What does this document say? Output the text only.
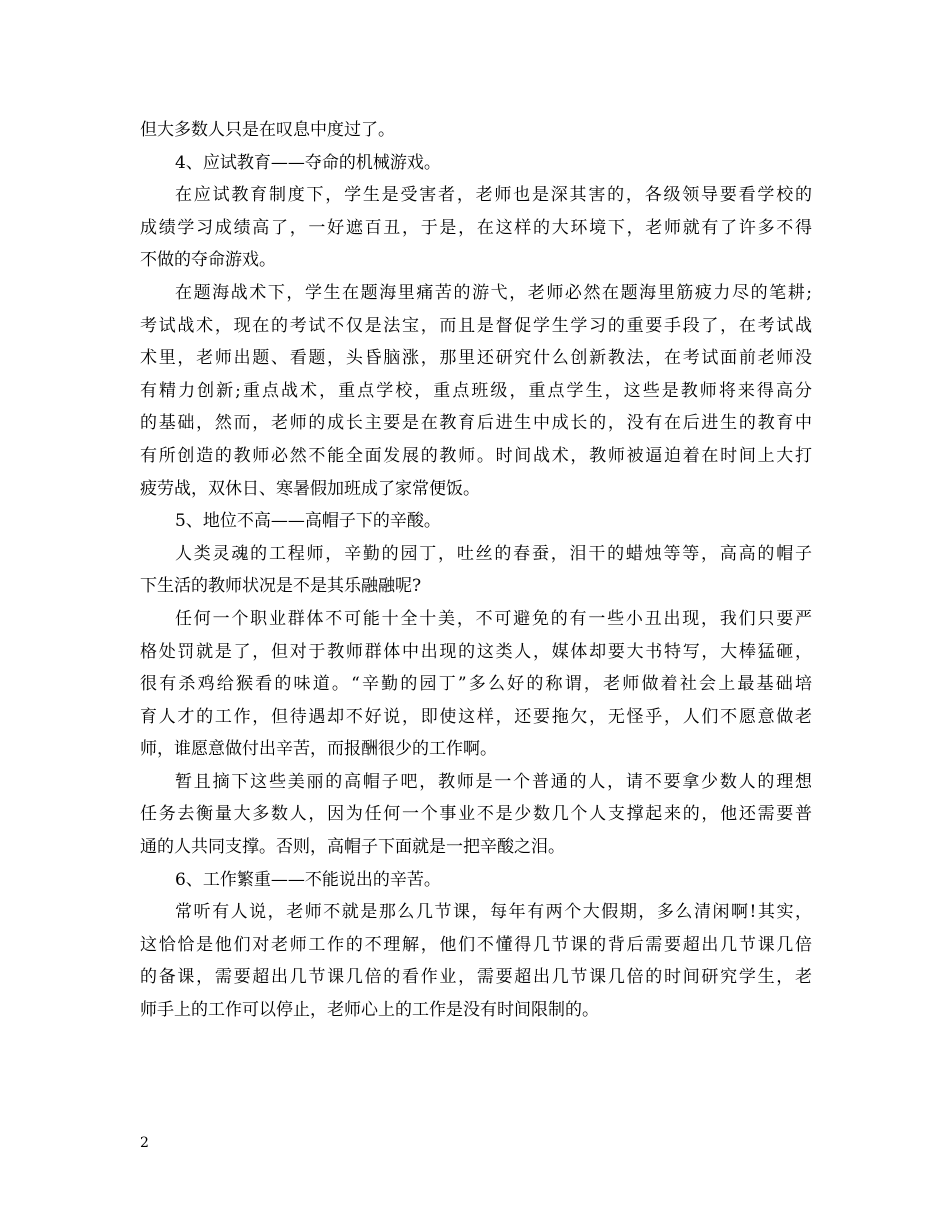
但大多数人只是在叹息中度过了。
4、应试教育——夺命的机械游戏。
在应试教育制度下，学生是受害者，老师也是深其害的，各级领导要看学校的
成绩学习成绩高了，一好遮百丑，于是，在这样的大环境下，老师就有了许多不得
不做的夺命游戏。
在题海战术下，学生在题海里痛苦的游弋，老师必然在题海里筋疲力尽的笔耕;
考试战术，现在的考试不仅是法宝，而且是督促学生学习的重要手段了，在考试战
术里，老师出题、看题，头昏脑涨，那里还研究什么创新教法，在考试面前老师没
有精力创新;重点战术，重点学校，重点班级，重点学生，这些是教师将来得高分
的基础，然而，老师的成长主要是在教育后进生中成长的，没有在后进生的教育中
有所创造的教师必然不能全面发展的教师。时间战术，教师被逼迫着在时间上大打
疲劳战，双休日、寒暑假加班成了家常便饭。
5、地位不高——高帽子下的辛酸。
人类灵魂的工程师，辛勤的园丁，吐丝的春蚕，泪干的蜡烛等等，高高的帽子
下生活的教师状况是不是其乐融融呢?
任何一个职业群体不可能十全十美，不可避免的有一些小丑出现，我们只要严
格处罚就是了，但对于教师群体中出现的这类人，媒体却要大书特写，大棒猛砸，
很有杀鸡给猴看的味道。“辛勤的园丁”多么好的称谓，老师做着社会上最基础培
育人才的工作，但待遇却不好说，即使这样，还要拖欠，无怪乎，人们不愿意做老
师，谁愿意做付出辛苦，而报酬很少的工作啊。
暂且摘下这些美丽的高帽子吧，教师是一个普通的人，请不要拿少数人的理想
任务去衡量大多数人，因为任何一个事业不是少数几个人支撑起来的，他还需要普
通的人共同支撑。否则，高帽子下面就是一把辛酸之泪。
6、工作繁重——不能说出的辛苦。
常听有人说，老师不就是那么几节课，每年有两个大假期，多么清闲啊!其实，
这恰恰是他们对老师工作的不理解，他们不懂得几节课的背后需要超出几节课几倍
的备课，需要超出几节课几倍的看作业，需要超出几节课几倍的时间研究学生，老
师手上的工作可以停止，老师心上的工作是没有时间限制的。
2
